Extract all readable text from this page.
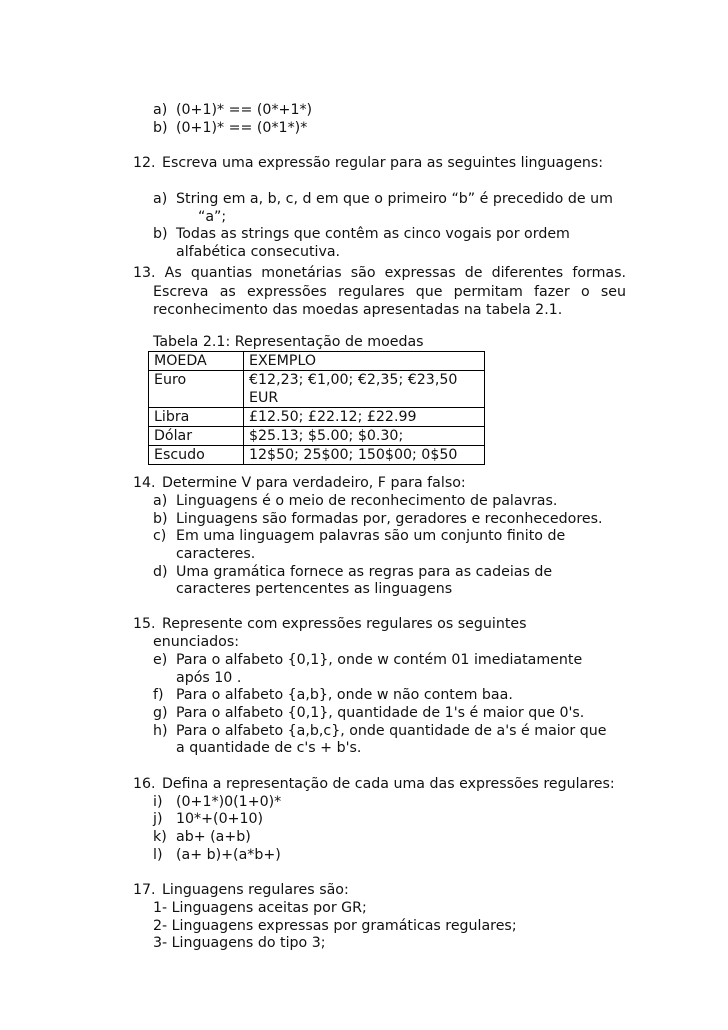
a) (0+1)* == (0*+1*)
b) (0+1)* == (0*1*)*
12. Escreva uma expressão regular para as seguintes linguagens:
a) String em a, b, c, d em que o primeiro “b” é precedido de um
“a”;
b) Todas as strings que contêm as cinco vogais por ordem
alfabética consecutiva.
13. As quantias monetárias são expressas de diferentes formas.
Escreva as expressões regulares que permitam fazer o seu
reconhecimento das moedas apresentadas na tabela 2.1.
Tabela 2.1: Representação de moedas
MOEDA	EXEMPLO
Euro	€12,23; €1,00; €2,35; €23,50
EUR

Libra	£12.50; £22.12; £22.99
Dólar	$25.13; $5.00; $0.30;
Escudo	12$50; 25$00; 150$00; 0$50
14. Determine V para verdadeiro, F para falso:
a) Linguagens é o meio de reconhecimento de palavras.
b) Linguagens são formadas por, geradores e reconhecedores.
c) Em uma linguagem palavras são um conjunto finito de
caracteres.
d) Uma gramática fornece as regras para as cadeias de
caracteres pertencentes as linguagens
15. Represente com expressões regulares os seguintes
enunciados:
e) Para o alfabeto {0,1}, onde w contém 01 imediatamente
após 10 .
f) Para o alfabeto {a,b}, onde w não contem baa.
g) Para o alfabeto {0,1}, quantidade de 1's é maior que 0's.
h) Para o alfabeto {a,b,c}, onde quantidade de a's é maior que
a quantidade de c's + b's.
16. Defina a representação de cada uma das expressões regulares:
i) (0+1*)0(1+0)*
j) 10*+(0+10)
k) ab+ (a+b)
l) (a+ b)+(a*b+)
17. Linguagens regulares são:
1- Linguagens aceitas por GR;
2- Linguagens expressas por gramáticas regulares;
3- Linguagens do tipo 3;
